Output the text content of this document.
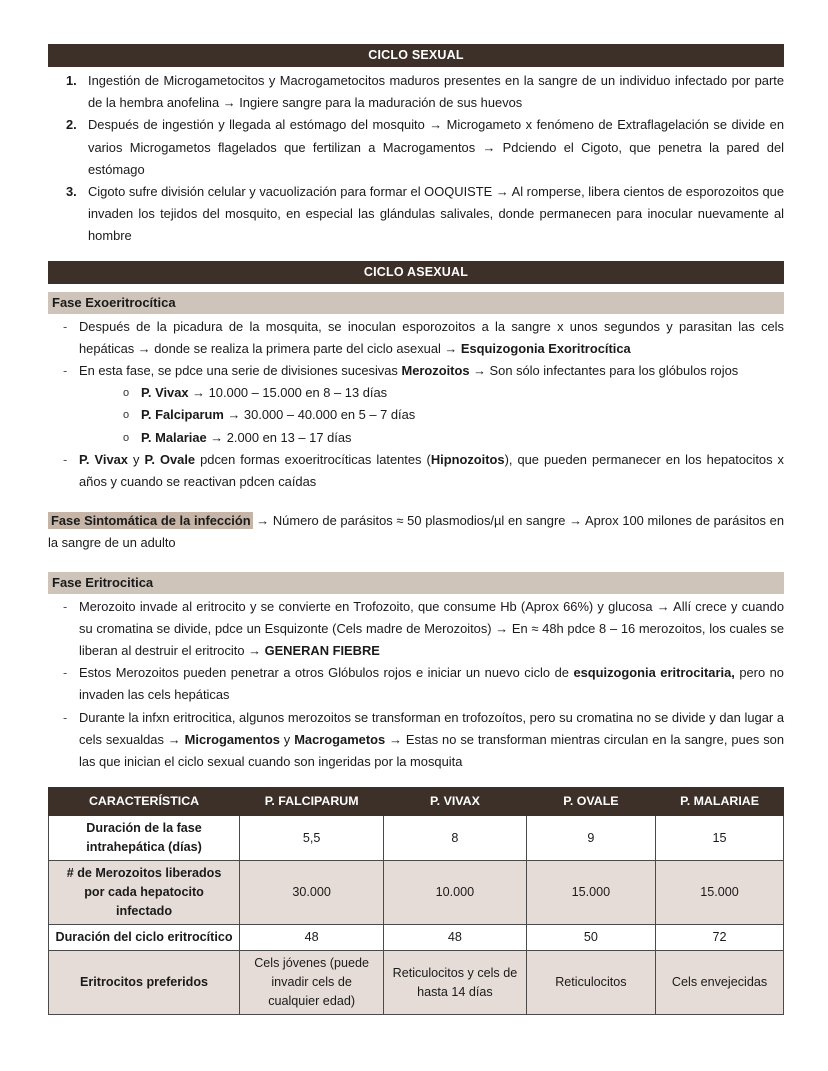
CICLO SEXUAL
Ingestión de Microgametocitos y Macrogametocitos maduros presentes en la sangre de un individuo infectado por parte de la hembra anofelina → Ingiere sangre para la maduración de sus huevos
Después de ingestión y llegada al estómago del mosquito → Microgameto x fenómeno de Extraflagelación se divide en varios Microgametos flagelados que fertilizan a Macrogamentos → Pdciendo el Cigoto, que penetra la pared del estómago
Cigoto sufre división celular y vacuolización para formar el OOQUISTE → Al romperse, libera cientos de esporozoitos que invaden los tejidos del mosquito, en especial las glándulas salivales, donde permanecen para inocular nuevamente al hombre
CICLO ASEXUAL
Fase Exoeritrocítica
- Después de la picadura de la mosquita, se inoculan esporozoitos a la sangre x unos segundos y parasitan las cels hepáticas → donde se realiza la primera parte del ciclo asexual → Esquizogonia Exoritrocítica
- En esta fase, se pdce una serie de divisiones sucesivas Merozoitos → Son sólo infectantes para los glóbulos rojos
o P. Vivax → 10.000 – 15.000 en 8 – 13 días
o P. Falciparum → 30.000 – 40.000 en 5 – 7 días
o P. Malariae → 2.000 en 13 – 17 días
- P. Vivax y P. Ovale pdcen formas exoeritrocíticas latentes (Hipnozoitos), que pueden permanecer en los hepatocitos x años y cuando se reactivan pdcen caídas

Fase Sintomática de la infección → Número de parásitos ≈ 50 plasmodios/µl en sangre → Aprox 100 milones de parásitos en la sangre de un adulto

Fase Eritrocitica
- Merozoito invade al eritrocito y se convierte en Trofozoito, que consume Hb (Aprox 66%) y glucosa → Allí crece y cuando su cromatina se divide, pdce un Esquizonte (Cels madre de Merozoitos) → En ≈ 48h pdce 8 – 16 merozoitos, los cuales se liberan al destruir el eritrocito → GENERAN FIEBRE
- Estos Merozoitos pueden penetrar a otros Glóbulos rojos e iniciar un nuevo ciclo de esquizogonia eritrocitaria, pero no invaden las cels hepáticas
- Durante la infxn eritrocitica, algunos merozoitos se transforman en trofozoítos, pero su cromatina no se divide y dan lugar a cels sexualdas → Microgamentos y Macrogametos → Estas no se transforman mientras circulan en la sangre, pues son las que inician el ciclo sexual cuando son ingeridas por la mosquita
CARACTERÍSTICA	P. FALCIPARUM	P. VIVAX	P. OVALE	P. MALARIAE
Duración de la fase intrahepática (días)	5,5	8	9	15
# de Merozoitos liberados por cada hepatocito infectado	30.000	10.000	15.000	15.000
Duración del ciclo eritrocítico	48	48	50	72
Eritrocitos preferidos	Cels jóvenes (puede invadir cels de cualquier edad)	Reticulocitos y cels de hasta 14 días	Reticulocitos	Cels envejecidas
